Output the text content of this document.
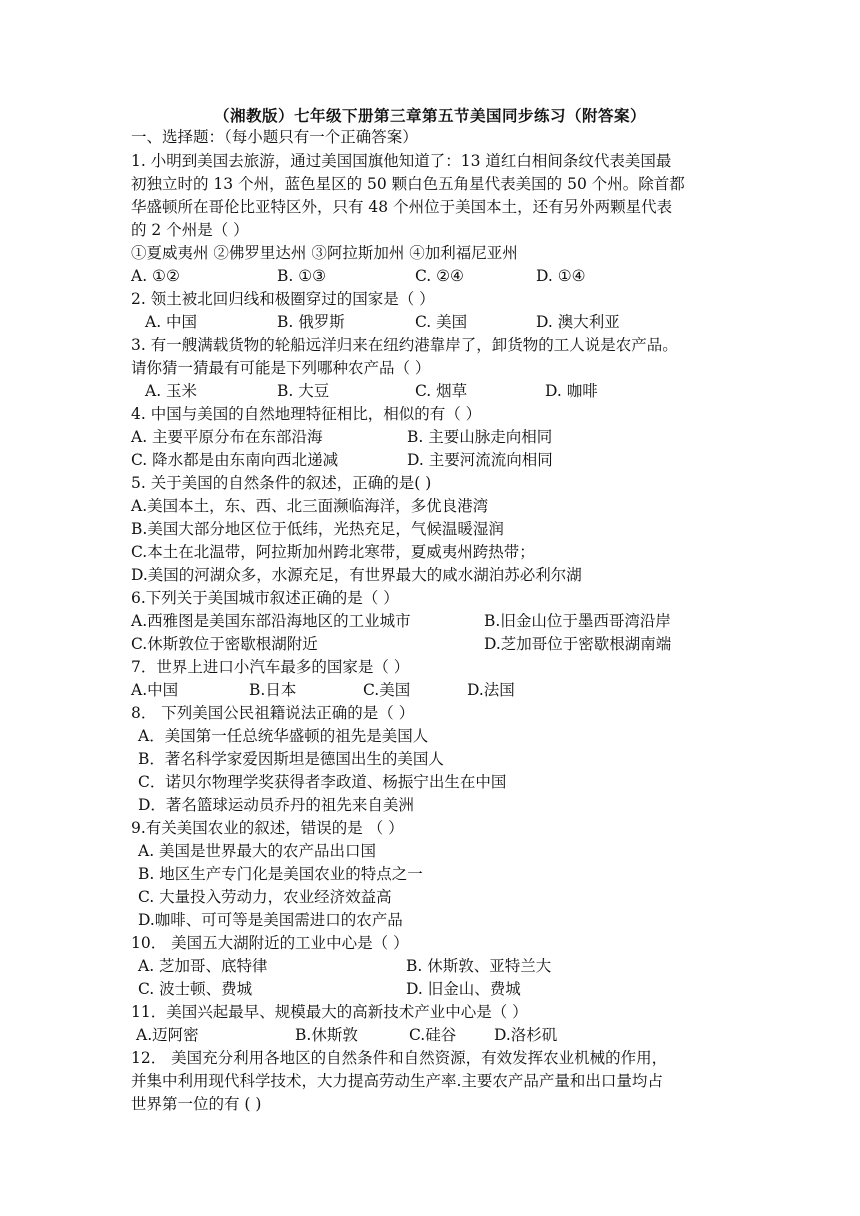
（湘教版）七年级下册第三章第五节美国同步练习（附答案）
一、选择题：（每小题只有一个正确答案）
1. 小明到美国去旅游，通过美国国旗他知道了：13 道红白相间条纹代表美国最
初独立时的 13 个州，蓝色星区的 50 颗白色五角星代表美国的 50 个州。除首都
华盛顿所在哥伦比亚特区外，只有 48 个州位于美国本土，还有另外两颗星代表
的 2 个州是（ ）
①夏威夷州 ②佛罗里达州 ③阿拉斯加州 ④加利福尼亚州
A. ①②	B. ①③	C. ②④	D. ①④
2. 领土被北回归线和极圈穿过的国家是（ ）
A. 中国	B. 俄罗斯	C. 美国	D. 澳大利亚
3. 有一艘满载货物的轮船远洋归来在纽约港靠岸了，卸货物的工人说是农产品。
请你猜一猜最有可能是下列哪种农产品（ ）
A. 玉米	B. 大豆	C. 烟草	D. 咖啡
4. 中国与美国的自然地理特征相比，相似的有（ ）
A. 主要平原分布在东部沿海	B. 主要山脉走向相同
C. 降水都是由东南向西北递减	D. 主要河流流向相同
5. 关于美国的自然条件的叙述，正确的是( )
A.美国本土，东、西、北三面濒临海洋，多优良港湾
B.美国大部分地区位于低纬，光热充足，气候温暖湿润
C.本土在北温带，阿拉斯加州跨北寒带，夏威夷州跨热带；
D.美国的河湖众多，水源充足，有世界最大的咸水湖泊苏必利尔湖
6.下列关于美国城市叙述正确的是（ ）
A.西雅图是美国东部沿海地区的工业城市	B.旧金山位于墨西哥湾沿岸
C.休斯敦位于密歇根湖附近	D.芝加哥位于密歇根湖南端
7．世界上进口小汽车最多的国家是（ ）
A.中国	B.日本	C.美国	D.法国
8． 下列美国公民祖籍说法正确的是（ ）
A．美国第一任总统华盛顿的祖先是美国人
B．著名科学家爱因斯坦是德国出生的美国人
C．诺贝尔物理学奖获得者李政道、杨振宁出生在中国
D．著名篮球运动员乔丹的祖先来自美洲
9.有关美国农业的叙述，错误的是 （ ）
A. 美国是世界最大的农产品出口国
B. 地区生产专门化是美国农业的特点之一
C. 大量投入劳动力，农业经济效益高
D.咖啡、可可等是美国需进口的农产品
10． 美国五大湖附近的工业中心是（ ）
A. 芝加哥、底特律	B. 休斯敦、亚特兰大
C. 波士顿、费城	D. 旧金山、费城
11．美国兴起最早、规模最大的高新技术产业中心是（ ）
A.迈阿密	B.休斯敦	C.硅谷 D.洛杉矶
12． 美国充分利用各地区的自然条件和自然资源，有效发挥农业机械的作用，
并集中利用现代科学技术，大力提高劳动生产率.主要农产品产量和出口量均占
世界第一位的有 ( )
